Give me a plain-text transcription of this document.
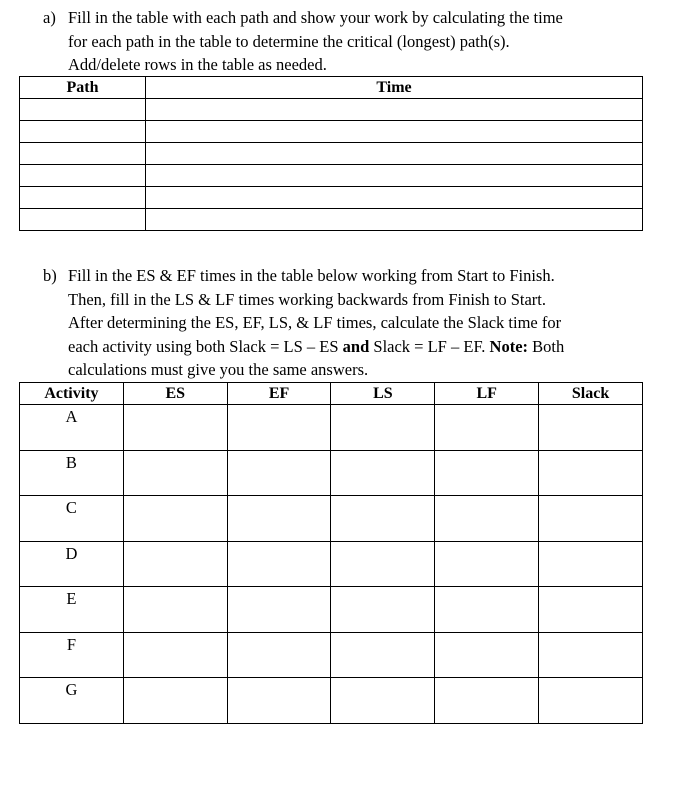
a) Fill in the table with each path and show your work by calculating the time
for each path in the table to determine the critical (longest) path(s).
Add/delete rows in the table as needed.
Path	Time

b) Fill in the ES & EF times in the table below working from Start to Finish.
Then, fill in the LS & LF times working backwards from Finish to Start.
After determining the ES, EF, LS, & LF times, calculate the Slack time for
each activity using both Slack = LS – ES and Slack = LF – EF. Note: Both
calculations must give you the same answers.
Activity	ES	EF	LS	LF	Slack
A					
B					
C					
D					
E					
F					
G					
